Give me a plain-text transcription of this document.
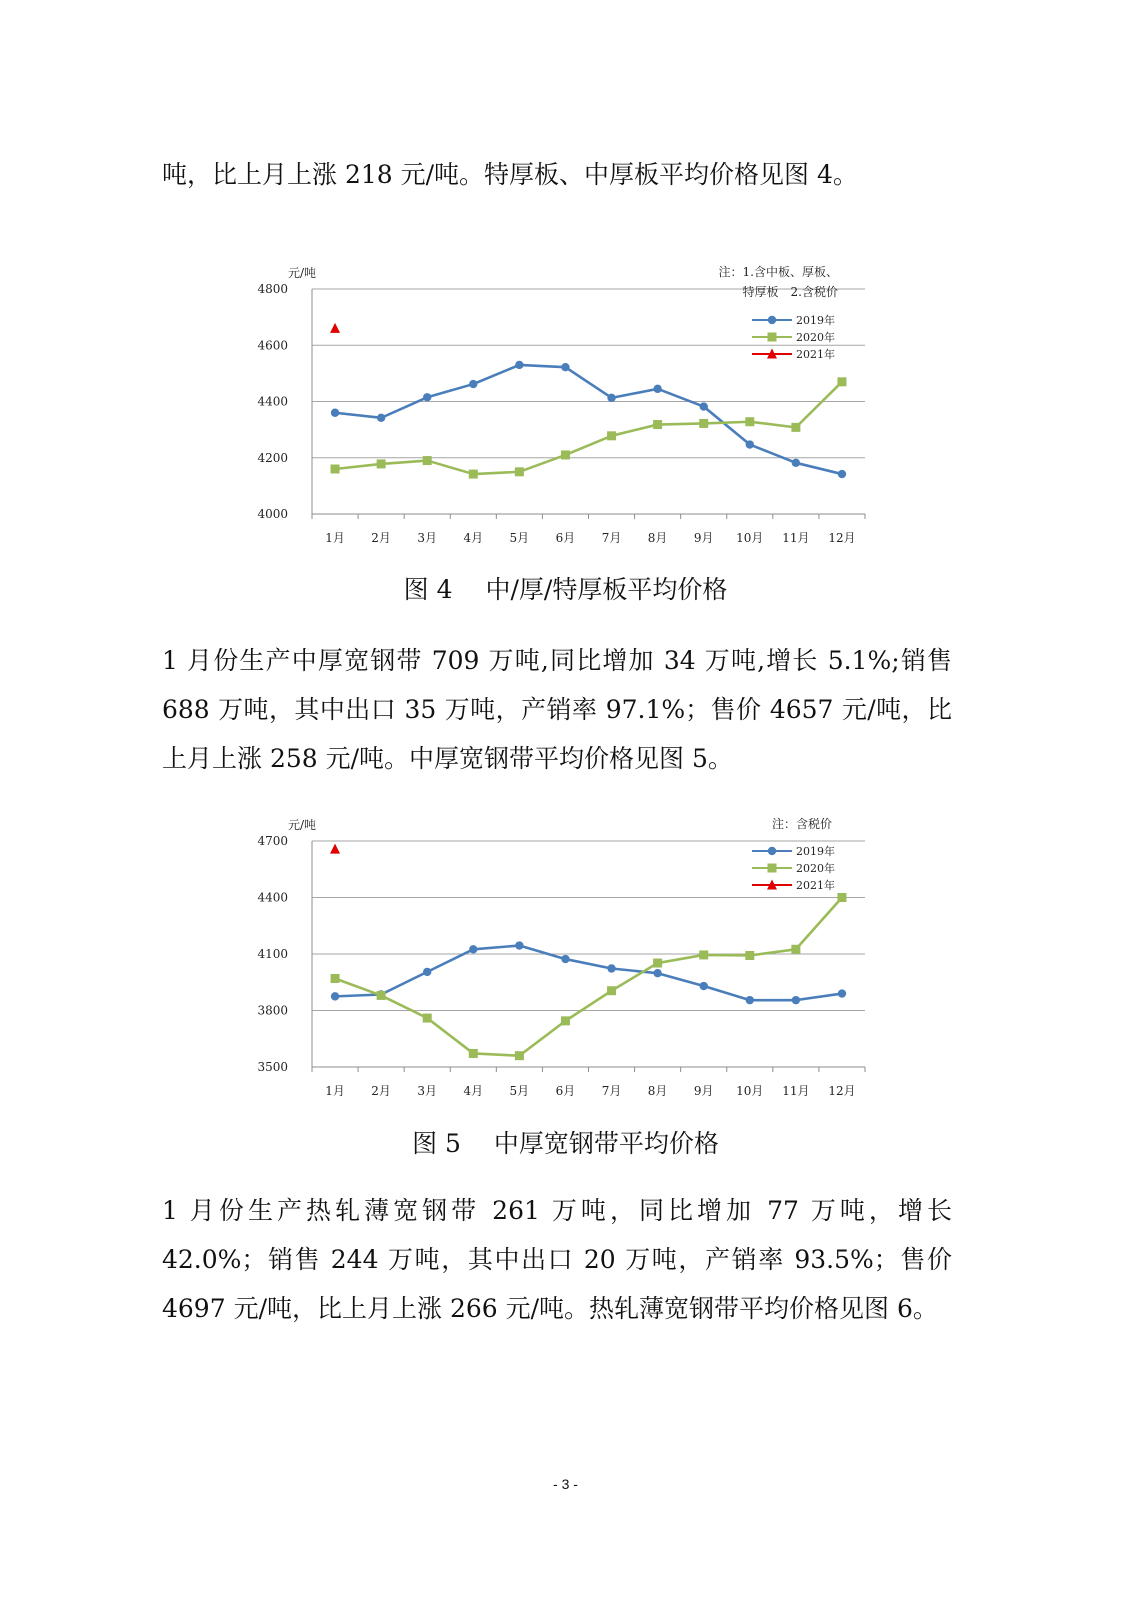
吨，比上月上涨 218 元/吨。特厚板、中厚板平均价格见图 4。

4000
4200
4400
4600
4800
1月 2月 3月 4月 5月 6月 7月 8月 9月 10月 11月 12月
元/吨	注：1.含中板、厚板、
特厚板　2.含税价
2019年
2020年
2021年

图 4　 中/厚/特厚板平均价格

1 月份生产中厚宽钢带 709 万吨,同比增加 34 万吨,增长 5.1%;销售 688 万吨，其中出口 35 万吨，产销率 97.1%；售价 4657 元/吨，比上月上涨 258 元/吨。中厚宽钢带平均价格见图 5。

3500
3800
4100
4400
4700
1月 2月 3月 4月 5月 6月 7月 8月 9月 10月 11月 12月
元/吨	注：含税价
2019年
2020年
2021年

图 5　 中厚宽钢带平均价格

1 月份生产热轧薄宽钢带 261 万吨，同比增加 77 万吨，增长 42.0%；销售 244 万吨，其中出口 20 万吨，产销率 93.5%；售价 4697 元/吨，比上月上涨 266 元/吨。热轧薄宽钢带平均价格见图 6。

- 3 -
